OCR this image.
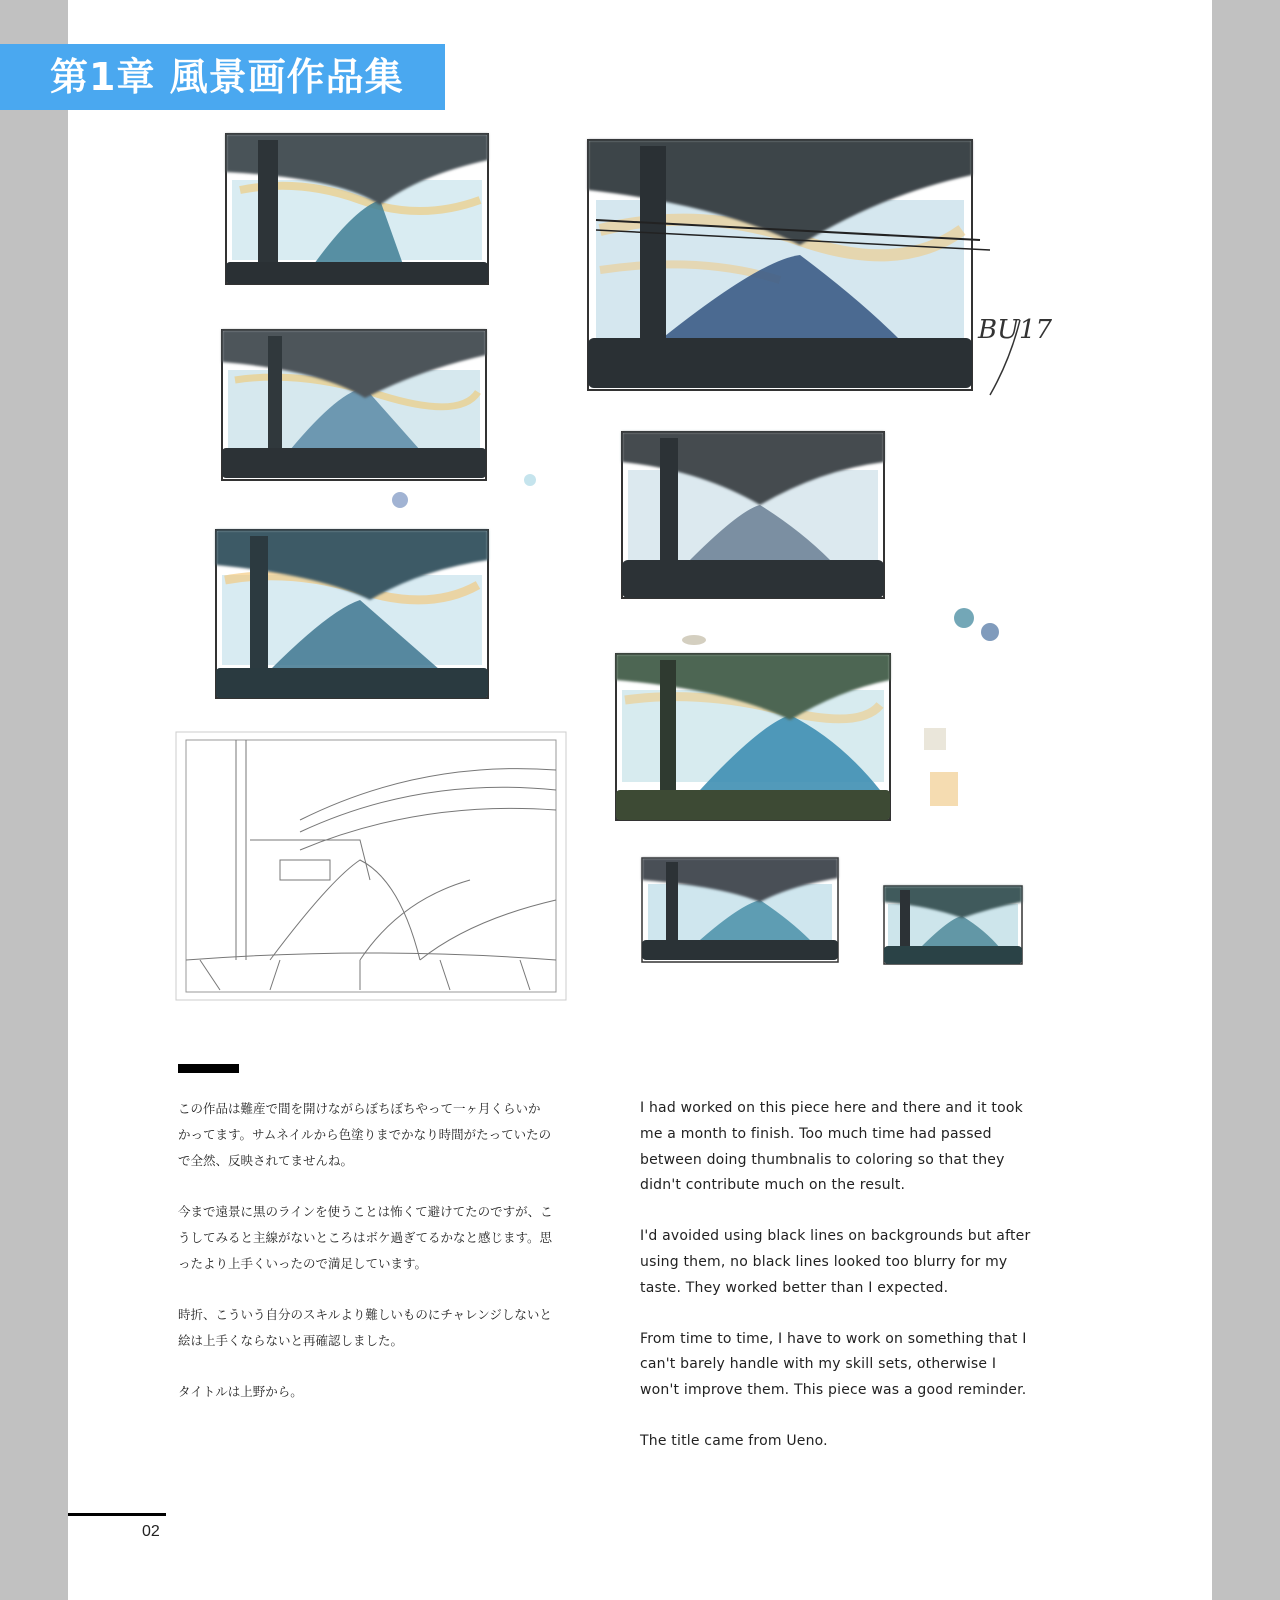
第1章 風景画作品集
BU17

この作品は難産で間を開けながらぼちぼちやって一ヶ月くらいか
かってます。サムネイルから色塗りまでかなり時間がたっていたの
で全然、反映されてませんね。

今まで遠景に黒のラインを使うことは怖くて避けてたのですが、こ
うしてみると主線がないところはボケ過ぎてるかなと感じます。思
ったより上手くいったので満足しています。

時折、こういう自分のスキルより難しいものにチャレンジしないと
絵は上手くならないと再確認しました。

タイトルは上野から。

I had worked on this piece here and there and it took
me a month to finish. Too much time had passed
between doing thumbnalis to coloring so that they
didn't contribute much on the result.

I'd avoided using black lines on backgrounds but after
using them, no black lines looked too blurry for my
taste. They worked better than I expected.

From time to time, I have to work on something that I
can't barely handle with my skill sets, otherwise I
won't improve them. This piece was a good reminder.

The title came from Ueno.

02
